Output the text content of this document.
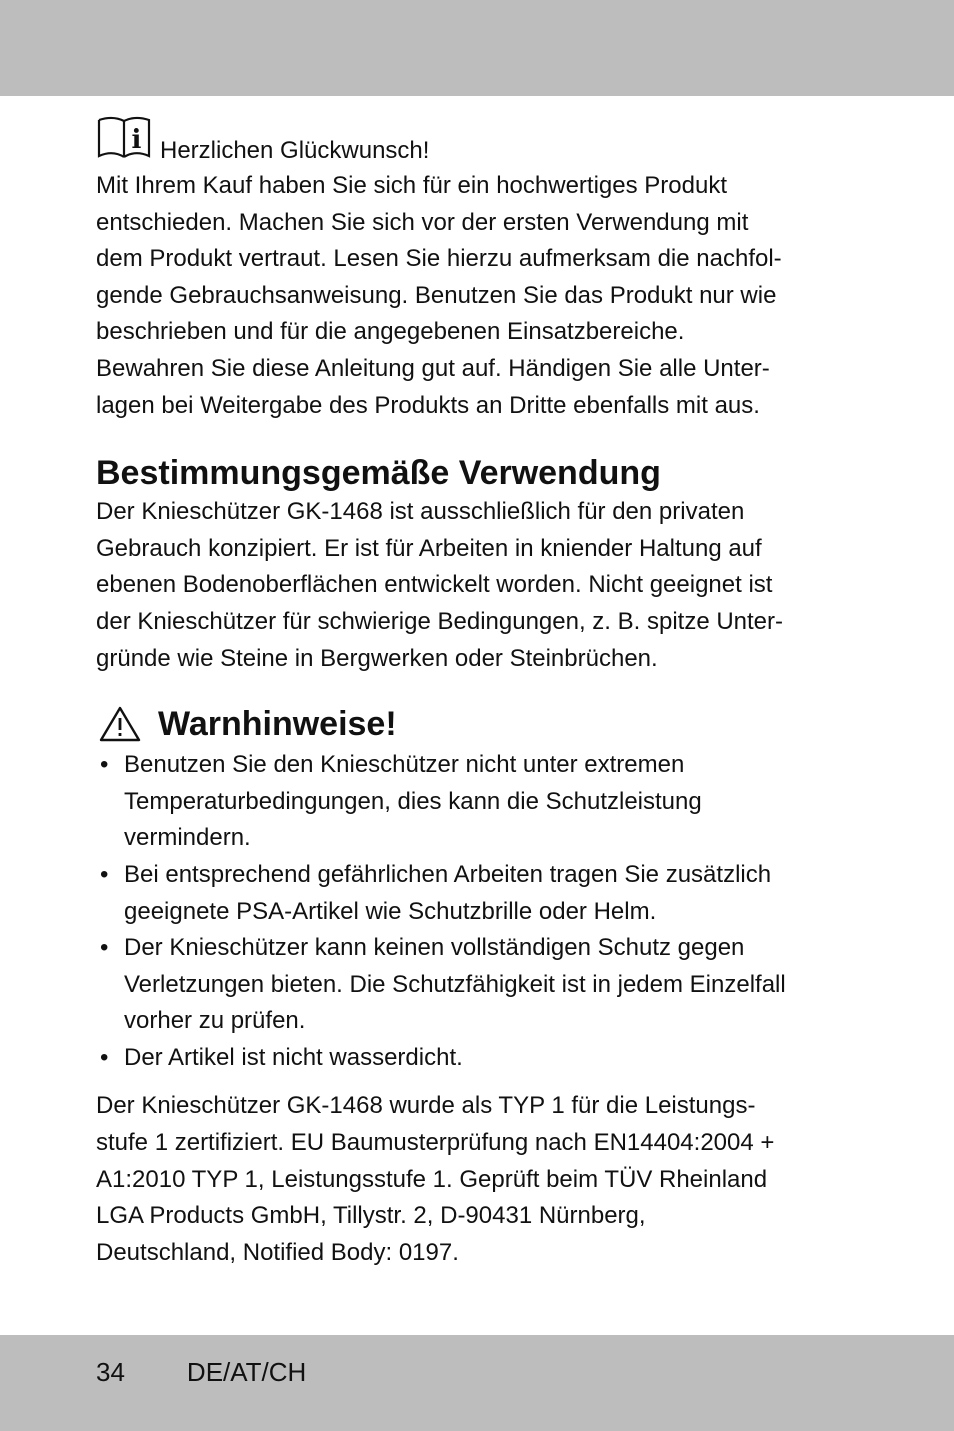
i Herzlichen Glückwunsch!
Mit Ihrem Kauf haben Sie sich für ein hochwertiges Produkt
entschieden. Machen Sie sich vor der ersten Verwendung mit
dem Produkt vertraut. Lesen Sie hierzu aufmerksam die nachfol-
gende Gebrauchsanweisung. Benutzen Sie das Produkt nur wie
beschrieben und für die angegebenen Einsatzbereiche.
Bewahren Sie diese Anleitung gut auf. Händigen Sie alle Unter-
lagen bei Weitergabe des Produkts an Dritte ebenfalls mit aus.
Bestimmungsgemäße Verwendung
Der Knieschützer GK-1468 ist ausschließlich für den privaten
Gebrauch konzipiert. Er ist für Arbeiten in kniender Haltung auf
ebenen Bodenoberflächen entwickelt worden. Nicht geeignet ist
der Knieschützer für schwierige Bedingungen, z. B. spitze Unter-
gründe wie Steine in Bergwerken oder Steinbrüchen.
Warnhinweise!
• Benutzen Sie den Knieschützer nicht unter extremen
Temperaturbedingungen, dies kann die Schutzleistung
vermindern.
• Bei entsprechend gefährlichen Arbeiten tragen Sie zusätzlich
geeignete PSA-Artikel wie Schutzbrille oder Helm.
• Der Knieschützer kann keinen vollständigen Schutz gegen
Verletzungen bieten. Die Schutzfähigkeit ist in jedem Einzelfall
vorher zu prüfen.
• Der Artikel ist nicht wasserdicht.
Der Knieschützer GK-1468 wurde als TYP 1 für die Leistungs-
stufe 1 zertifiziert. EU Baumusterprüfung nach EN14404:2004 +
A1:2010 TYP 1, Leistungsstufe 1. Geprüft beim TÜV Rheinland
LGA Products GmbH, Tillystr. 2, D-90431 Nürnberg,
Deutschland, Notified Body: 0197.
34 DE/AT/CH
